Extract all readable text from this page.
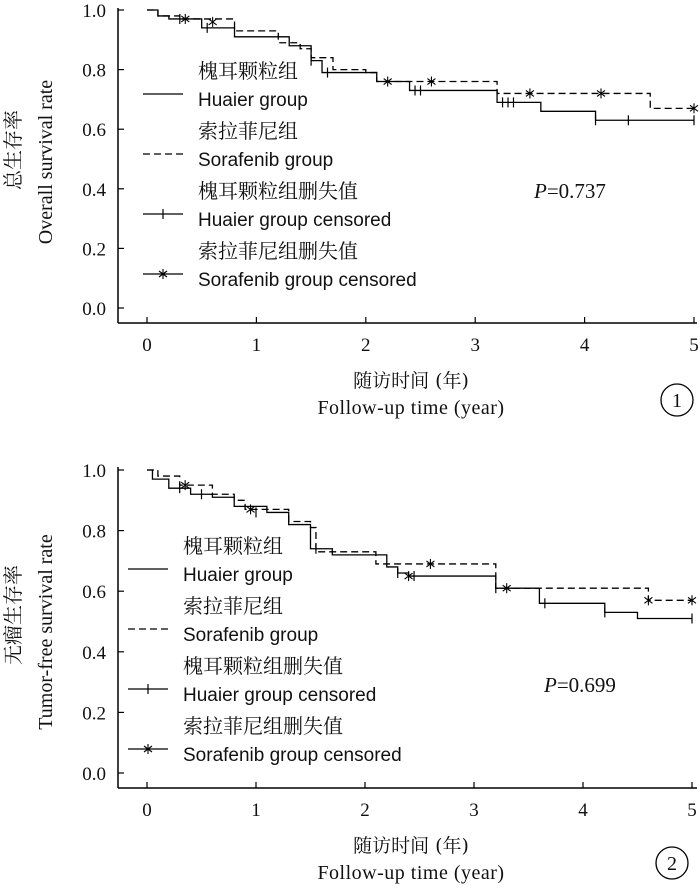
0	1	2	3	4	5
0.0
0.2
0.4
0.6
0.8
1.0
槐耳颗粒组
Huaier group
索拉菲尼组
Sorafenib group
槐耳颗粒组删失值
Huaier group censored
索拉菲尼组删失值
Sorafenib group censored
总生存率 Overall survival rate
随访时间 (年)
Follow-up time (year)
P=0.737
1
0	1	2	3	4	5
0.0
0.2
0.4
0.6
0.8
1.0
槐耳颗粒组
Huaier group
索拉菲尼组
Sorafenib group
槐耳颗粒组删失值
Huaier group censored
索拉菲尼组删失值
Sorafenib group censored
无瘤生存率 Tumor-free survival rate
随访时间 (年)
Follow-up time (year)
P=0.699
2
